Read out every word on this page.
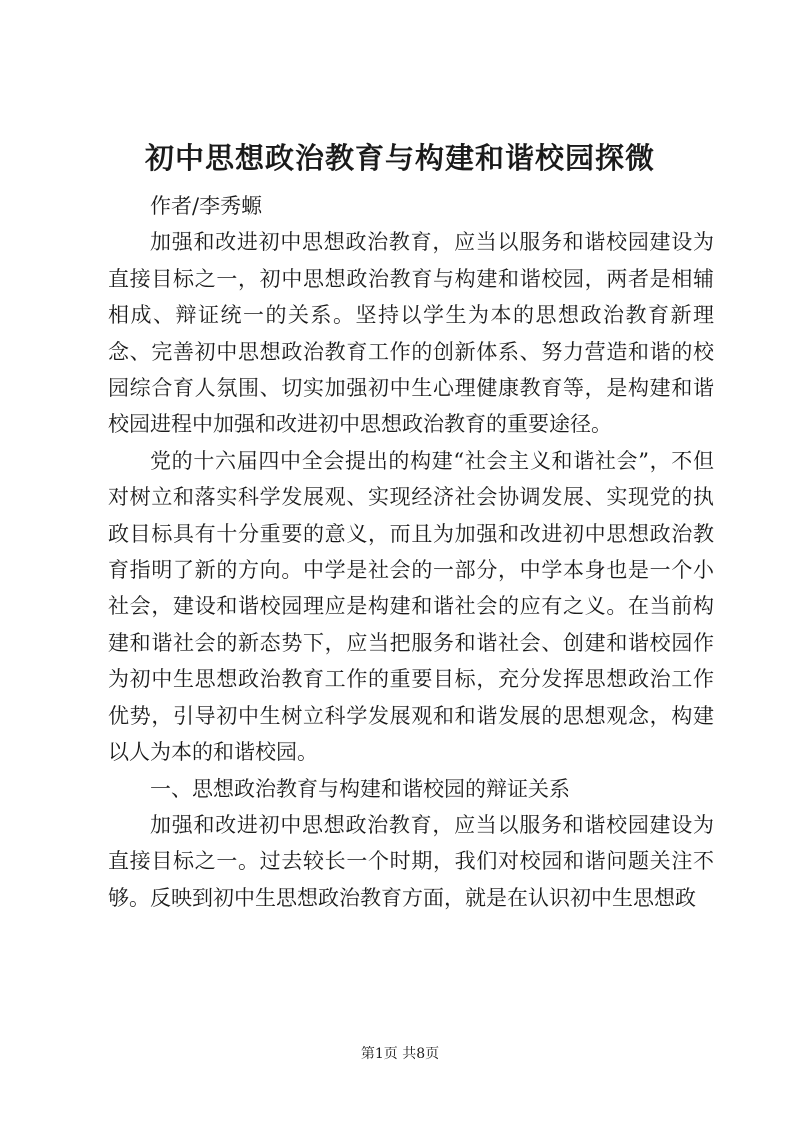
初中思想政治教育与构建和谐校园探微

作者/李秀螈

加强和改进初中思想政治教育，应当以服务和谐校园建设为直接目标之一，初中思想政治教育与构建和谐校园，两者是相辅相成、辩证统一的关系。坚持以学生为本的思想政治教育新理念、完善初中思想政治教育工作的创新体系、努力营造和谐的校园综合育人氛围、切实加强初中生心理健康教育等，是构建和谐校园进程中加强和改进初中思想政治教育的重要途径。

党的十六届四中全会提出的构建“社会主义和谐社会”，不但对树立和落实科学发展观、实现经济社会协调发展、实现党的执政目标具有十分重要的意义，而且为加强和改进初中思想政治教育指明了新的方向。中学是社会的一部分，中学本身也是一个小社会，建设和谐校园理应是构建和谐社会的应有之义。在当前构建和谐社会的新态势下，应当把服务和谐社会、创建和谐校园作为初中生思想政治教育工作的重要目标，充分发挥思想政治工作优势，引导初中生树立科学发展观和和谐发展的思想观念，构建以人为本的和谐校园。

一、思想政治教育与构建和谐校园的辩证关系

加强和改进初中思想政治教育，应当以服务和谐校园建设为直接目标之一。过去较长一个时期，我们对校园和谐问题关注不够。反映到初中生思想政治教育方面，就是在认识初中生思想政

第1页 共8页
